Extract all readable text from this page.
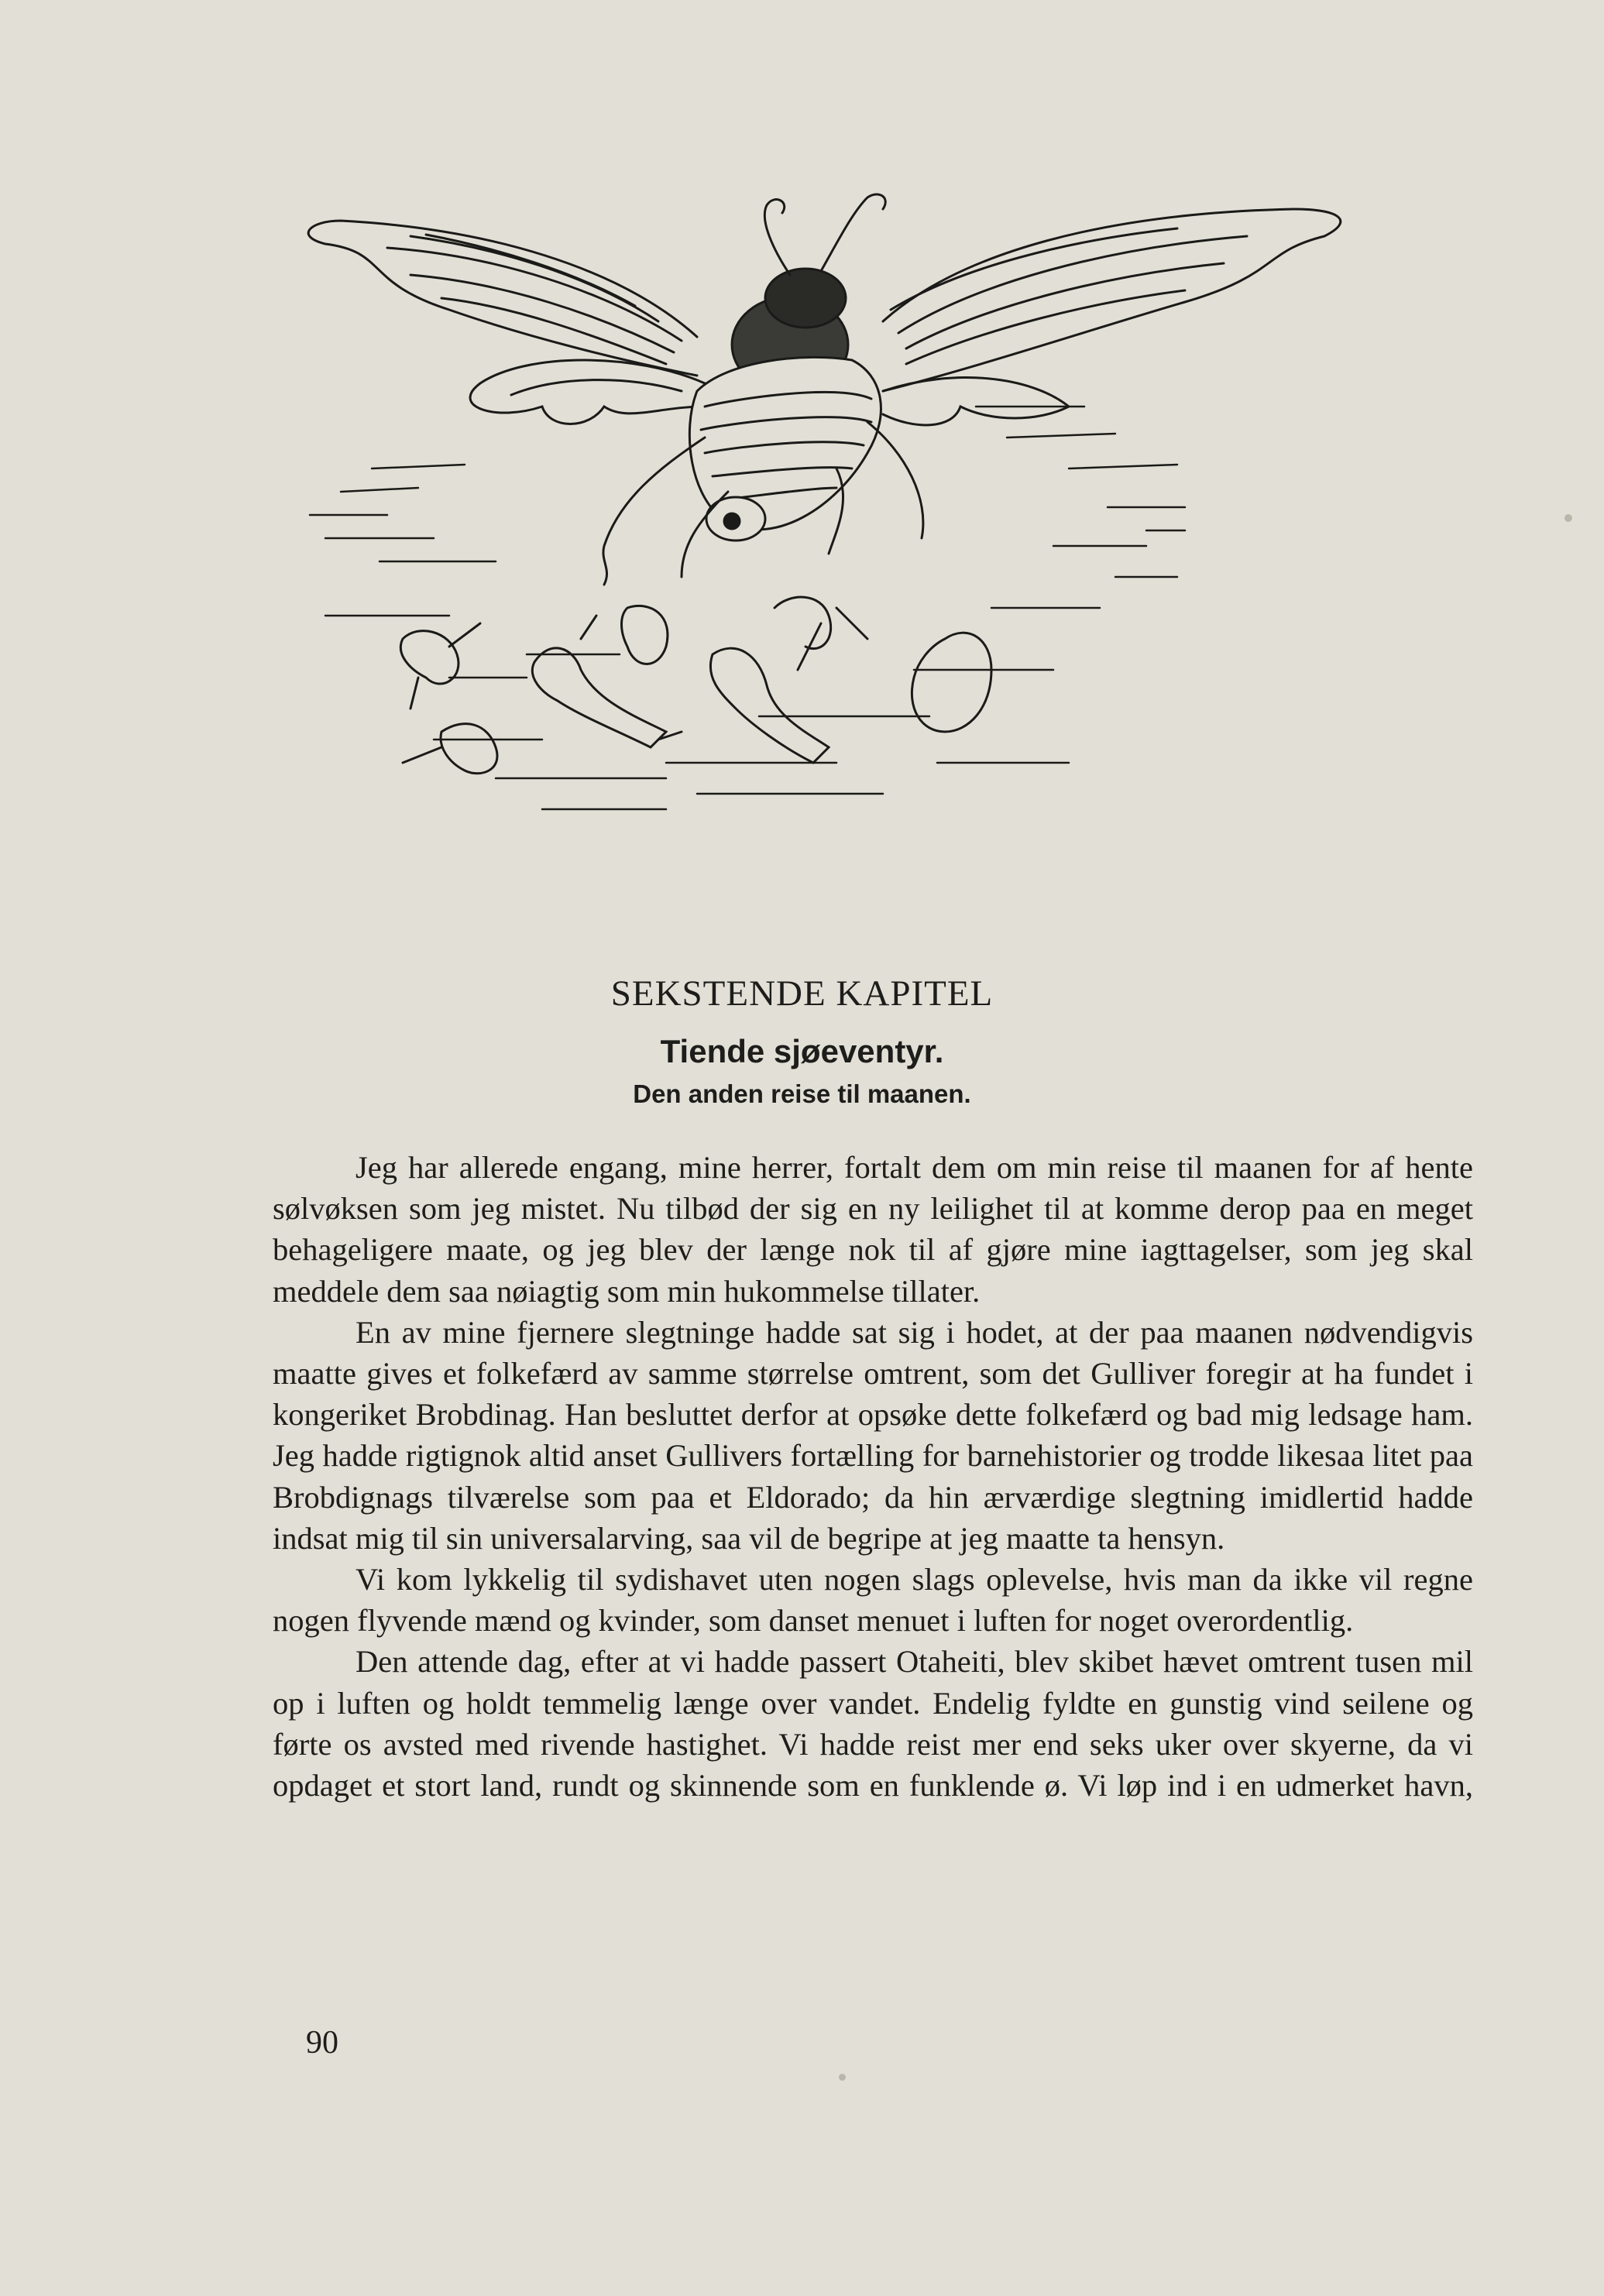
SEKSTENDE KAPITEL
Tiende sjøeventyr.
Den anden reise til maanen.

Jeg har allerede engang, mine herrer, fortalt dem om min reise til maanen for af hente sølvøksen som jeg mistet. Nu tilbød der sig en ny leilighet til at komme derop paa en meget behageligere maate, og jeg blev der længe nok til af gjøre mine iagttagelser, som jeg skal meddele dem saa nøiagtig som min hukommelse tillater.

En av mine fjernere slegtninge hadde sat sig i hodet, at der paa maanen nødvendigvis maatte gives et folkefærd av samme størrelse omtrent, som det Gulliver foregir at ha fundet i kongeriket Brobdinag. Han besluttet derfor at opsøke dette folkefærd og bad mig ledsage ham. Jeg hadde rigtignok altid anset Gullivers fortælling for barnehistorier og trodde likesaa litet paa Brobdignags tilværelse som paa et Eldorado; da hin ærværdige slegtning imidlertid hadde indsat mig til sin universalarving, saa vil de begripe at jeg maatte ta hensyn.

Vi kom lykkelig til sydishavet uten nogen slags oplevelse, hvis man da ikke vil regne nogen flyvende mænd og kvinder, som danset menuet i luften for noget overordentlig.

Den attende dag, efter at vi hadde passert Otaheiti, blev skibet hævet omtrent tusen mil op i luften og holdt temmelig længe over vandet. Endelig fyldte en gunstig vind seilene og førte os avsted med rivende hastighet. Vi hadde reist mer end seks uker over skyerne, da vi opdaget et stort land, rundt og skinnende som en funklende ø. Vi løp ind i en udmerket havn,

90
